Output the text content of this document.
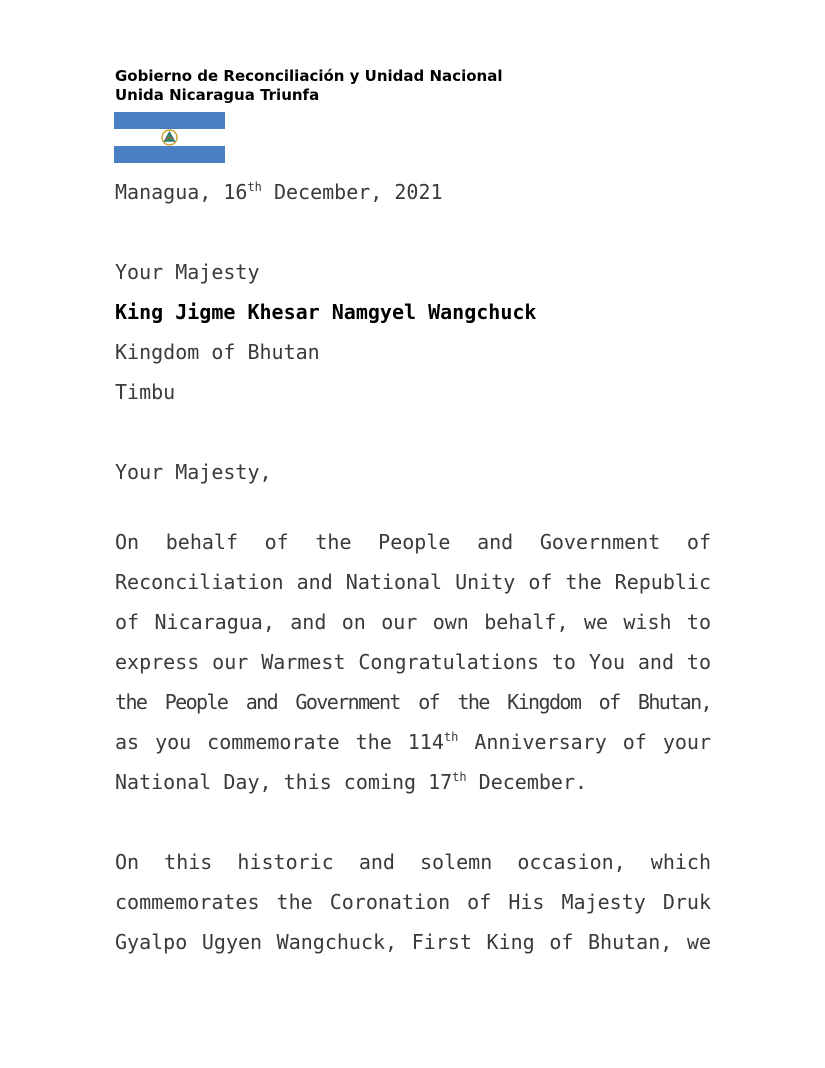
Gobierno de Reconciliación y Unidad Nacional
Unida Nicaragua Triunfa
Managua, 16th December, 2021
Your Majesty
King Jigme Khesar Namgyel Wangchuck
Kingdom of Bhutan
Timbu
Your Majesty,
On behalf of the People and Government of
Reconciliation and National Unity of the Republic
of Nicaragua, and on our own behalf, we wish to
express our Warmest Congratulations to You and to
the People and Government of the Kingdom of Bhutan,
as you commemorate the 114th Anniversary of your
National Day, this coming 17th December.
On this historic and solemn occasion, which
commemorates the Coronation of His Majesty Druk
Gyalpo Ugyen Wangchuck, First King of Bhutan, we
